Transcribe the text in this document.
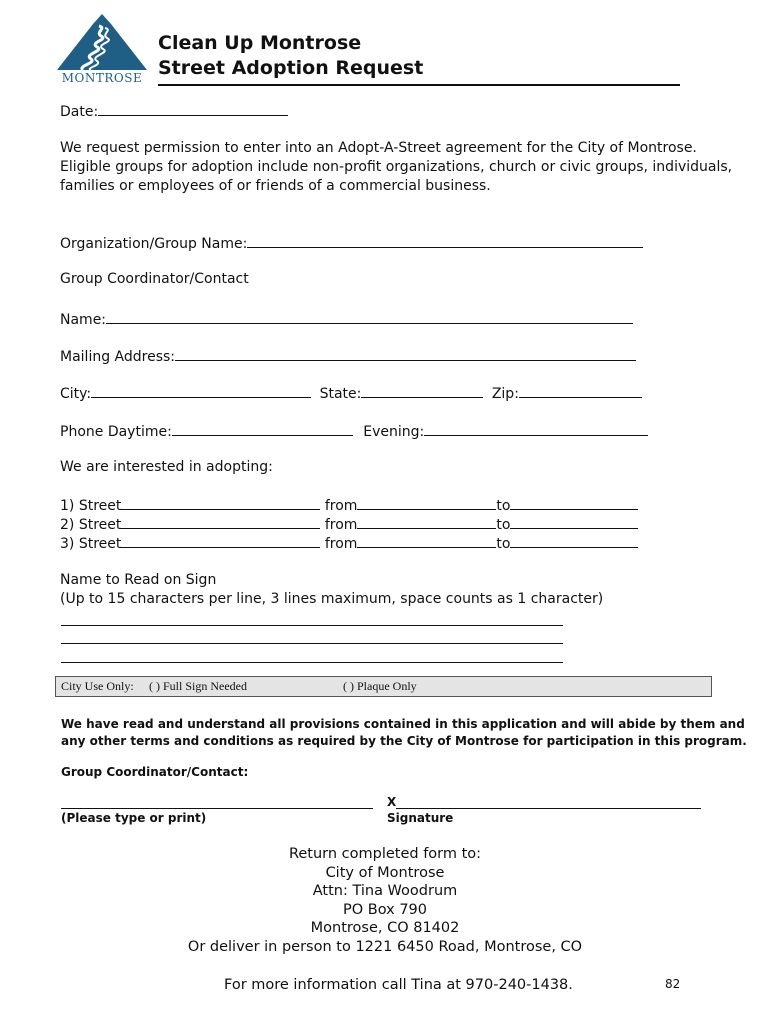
MONTROSE
Clean Up Montrose
Street Adoption Request
Date:
We request permission to enter into an Adopt-A-Street agreement for the City of Montrose.
Eligible groups for adoption include non-profit organizations, church or civic groups, individuals,
families or employees of or friends of a commercial business.
Organization/Group Name:
Group Coordinator/Contact
Name:
Mailing Address:
City:	State:	Zip:
Phone Daytime:	Evening:
We are interested in adopting:
1) Street	from	to
2) Street	from	to
3) Street	from	to
Name to Read on Sign
(Up to 15 characters per line, 3 lines maximum, space counts as 1 character)
City Use Only: ( ) Full Sign Needed	( ) Plaque Only
We have read and understand all provisions contained in this application and will abide by them and
any other terms and conditions as required by the City of Montrose for participation in this program.
Group Coordinator/Contact:
(Please type or print)
X
Signature
Return completed form to:
City of Montrose
Attn: Tina Woodrum
PO Box 790
Montrose, CO 81402
Or deliver in person to 1221 6450 Road, Montrose, CO
For more information call Tina at 970-240-1438.	82
